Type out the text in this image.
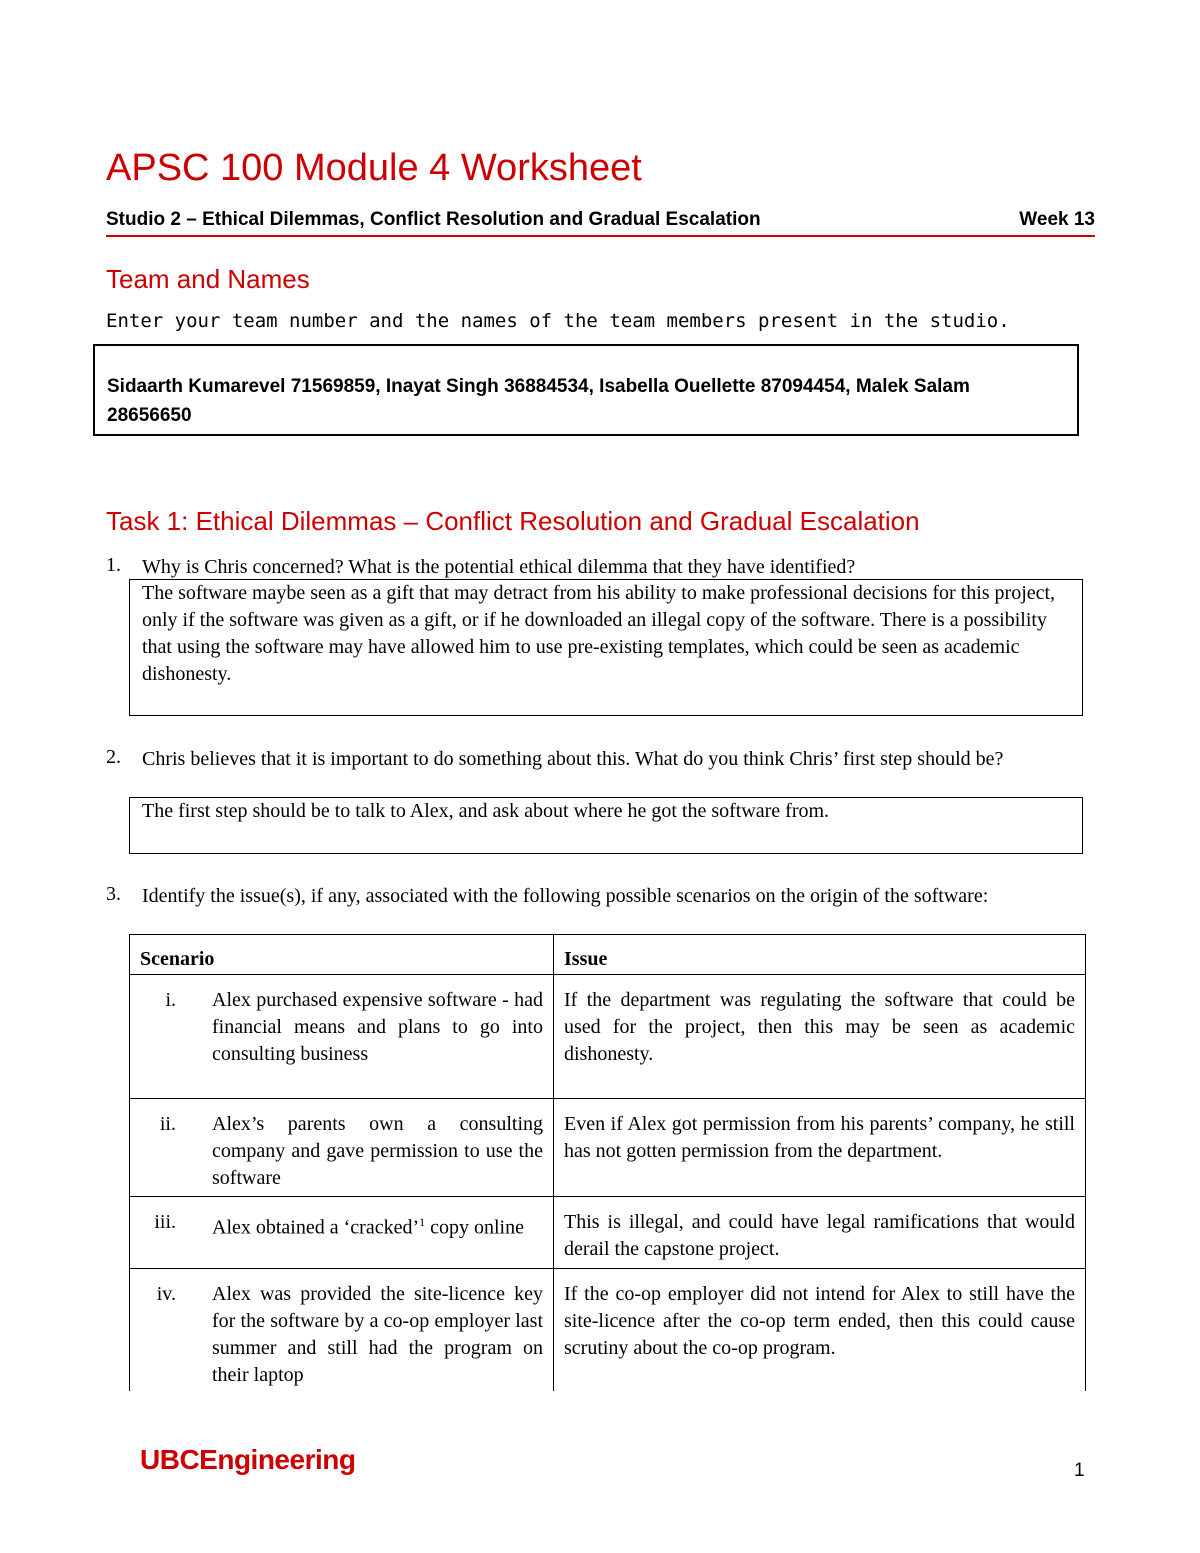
APSC 100 Module 4 Worksheet
Studio 2 – Ethical Dilemmas, Conflict Resolution and Gradual Escalation	Week 13
Team and Names
Enter your team number and the names of the team members present in the studio.
Sidaarth Kumarevel 71569859, Inayat Singh 36884534, Isabella Ouellette 87094454, Malek Salam 28656650
Task 1: Ethical Dilemmas – Conflict Resolution and Gradual Escalation
1. Why is Chris concerned? What is the potential ethical dilemma that they have identified?
The software maybe seen as a gift that may detract from his ability to make professional decisions for this project, only if the software was given as a gift, or if he downloaded an illegal copy of the software. There is a possibility that using the software may have allowed him to use pre-existing templates, which could be seen as academic dishonesty.
2. Chris believes that it is important to do something about this. What do you think Chris’ first step should be?
The first step should be to talk to Alex, and ask about where he got the software from.
3. Identify the issue(s), if any, associated with the following possible scenarios on the origin of the software:
Scenario	Issue

i. Alex purchased expensive software - had financial means and plans to go into consulting business	If the department was regulating the software that could be used for the project, then this may be seen as academic dishonesty.

ii. Alex’s parents own a consulting company and gave permission to use the software	Even if Alex got permission from his parents’ company, he still has not gotten permission from the department.

iii. Alex obtained a ‘cracked’$^1$ copy online	This is illegal, and could have legal ramifications that would derail the capstone project.

iv. Alex was provided the site-licence key for the software by a co-op employer last summer and still had the program on their laptop	If the co-op employer did not intend for Alex to still have the site-licence after the co-op term ended, then this could cause scrutiny about the co-op program.
UBCEngineering	1
